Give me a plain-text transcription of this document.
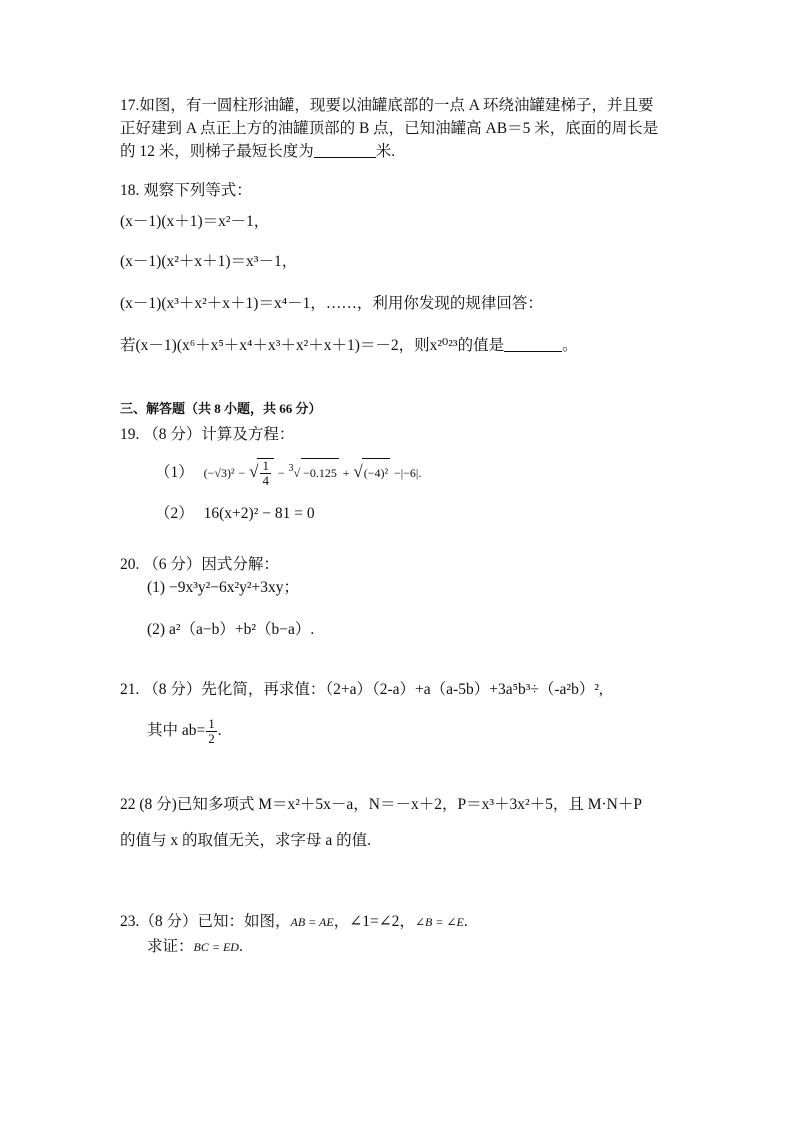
17.如图，有一圆柱形油罐，现要以油罐底部的一点 A 环绕油罐建梯子，并且要
正好建到 A 点正上方的油罐顶部的 B 点，已知油罐高 AB＝5 米，底面的周长是
的 12 米，则梯子最短长度为	米.
18. 观察下列等式：
(x－1)(x＋1)＝x²－1，
(x－1)(x²＋x＋1)＝x³－1，
(x－1)(x³＋x²＋x＋1)＝x⁴－1，……，利用你发现的规律回答：
若(x－1)(x⁶＋x⁵＋x⁴＋x³＋x²＋x＋1)＝－2，则x²⁰²³的值是	。
三、解答题（共 8 小题，共 66 分）
19. （8 分）计算及方程：
（1） (−√3)² − √ $\frac{1}{4} - ^3√ -0.125 + √(-4)^2 -|-6|$.
（2） 16(x+2)² − 81 = 0
20. （6 分）因式分解：
(1) −9x³y²−6x²y²+3xy；
(2) a²（a−b）+b²（b−a）.
21. （8 分）先化简，再求值：（2+a）（2-a）+a（a-5b）+3a⁵b³÷（-a²b）²,
其中 $ab= \frac{1}{2}$ .
22 (8 分)已知多项式 M＝x²＋5x－a，N＝－x＋2，P＝x³＋3x²＋5，且 M·N＋P
的值与 x 的取值无关，求字母 a 的值.
23.（8 分）已知：如图，AB = AE，∠1=∠2，∠B = ∠E.
求证：BC = ED.
